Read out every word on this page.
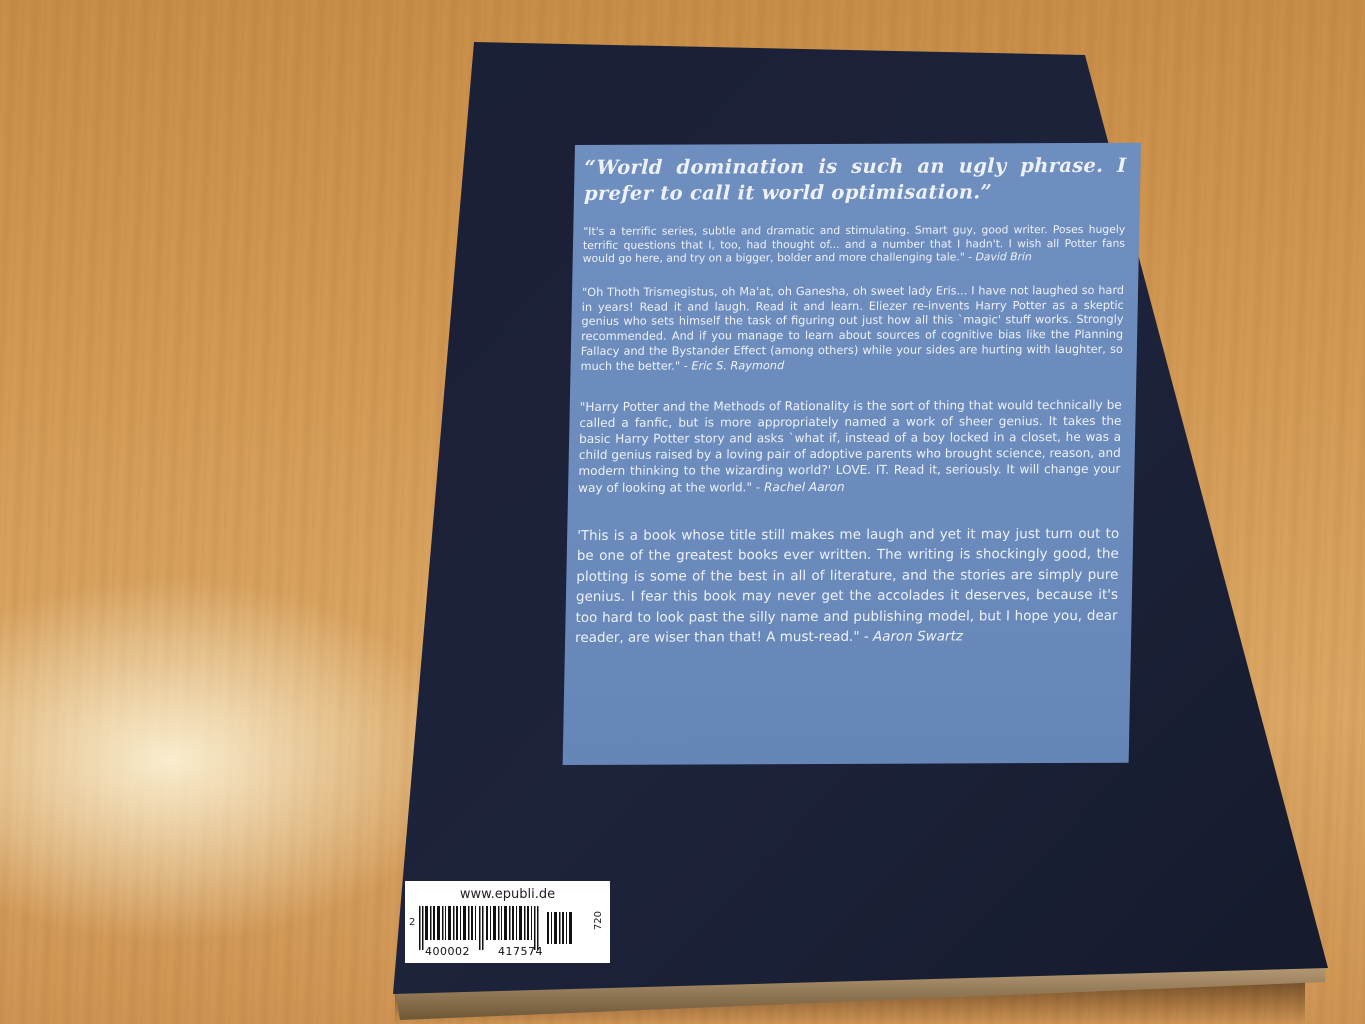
“World domination is such an ugly phrase. I prefer to call it world optimisation.”

"It's a terrific series, subtle and dramatic and stimulating. Smart guy, good writer. Poses hugely terrific questions that I, too, had thought of... and a number that I hadn't. I wish all Potter fans would go here, and try on a bigger, bolder and more challenging tale." - David Brin

"Oh Thoth Trismegistus, oh Ma'at, oh Ganesha, oh sweet lady Eris... I have not laughed so hard in years! Read it and laugh. Read it and learn. Eliezer re-invents Harry Potter as a skeptic genius who sets himself the task of figuring out just how all this `magic' stuff works. Strongly recommended. And if you manage to learn about sources of cognitive bias like the Planning Fallacy and the Bystander Effect (among others) while your sides are hurting with laughter, so much the better." - Eric S. Raymond

"Harry Potter and the Methods of Rationality is the sort of thing that would technically be called a fanfic, but is more appropriately named a work of sheer genius. It takes the basic Harry Potter story and asks `what if, instead of a boy locked in a closet, he was a child genius raised by a loving pair of adoptive parents who brought science, reason, and modern thinking to the wizarding world?' LOVE. IT. Read it, seriously. It will change your way of looking at the world." - Rachel Aaron

'This is a book whose title still makes me laugh and yet it may just turn out to be one of the greatest books ever written. The writing is shockingly good, the plotting is some of the best in all of literature, and the stories are simply pure genius. I fear this book may never get the accolades it deserves, because it's too hard to look past the silly name and publishing model, but I hope you, dear reader, are wiser than that! A must-read." - Aaron Swartz

www.epubli.de
2
400002	417574
720
